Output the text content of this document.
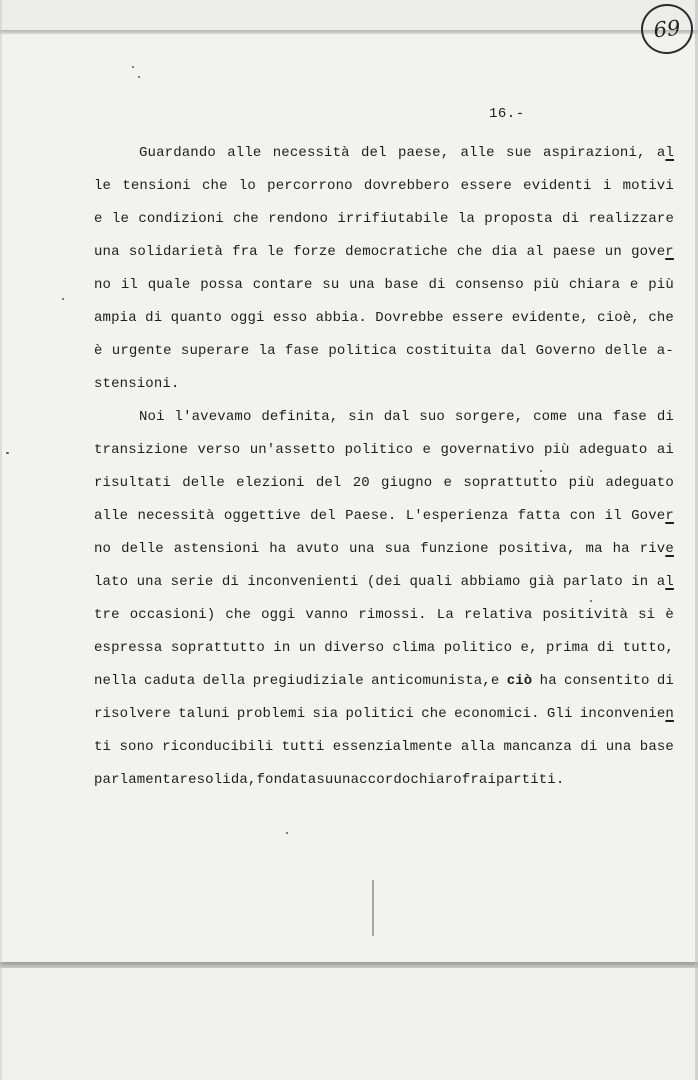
69
16.-
Guardando alle necessità del paese, alle sue aspirazioni, al
le tensioni che lo percorrono dovrebbero essere evidenti i motivi
e le condizioni che rendono irrifiutabile la proposta di realizzare
una solidarietà fra le forze democratiche che dia al paese un gover
no il quale possa contare su una base di consenso più chiara e più
ampia di quanto oggi esso abbia. Dovrebbe essere evidente, cioè, che
è urgente superare la fase politica costituita dal Governo delle a-
stensioni.
Noi l'avevamo definita, sin dal suo sorgere, come una fase di
transizione verso un'assetto politico e governativo più adeguato ai
risultati delle elezioni del 20 giugno e soprattutto più adeguato
alle necessità oggettive del Paese. L'esperienza fatta con il Gover
no delle astensioni ha avuto una sua funzione positiva, ma ha rive
lato una serie di inconvenienti (dei quali abbiamo già parlato in al
tre occasioni) che oggi vanno rimossi. La relativa positività si è
espressa soprattutto in un diverso clima politico e, prima di tutto,
nella caduta della pregiudiziale anticomunista,e ciò ha consentito di
risolvere taluni problemi sia politici che economici. Gli inconvenien
ti sono riconducibili tutti essenzialmente alla mancanza di una base
parlamentare solida, fondata su un accordo chiaro fra i partiti.
